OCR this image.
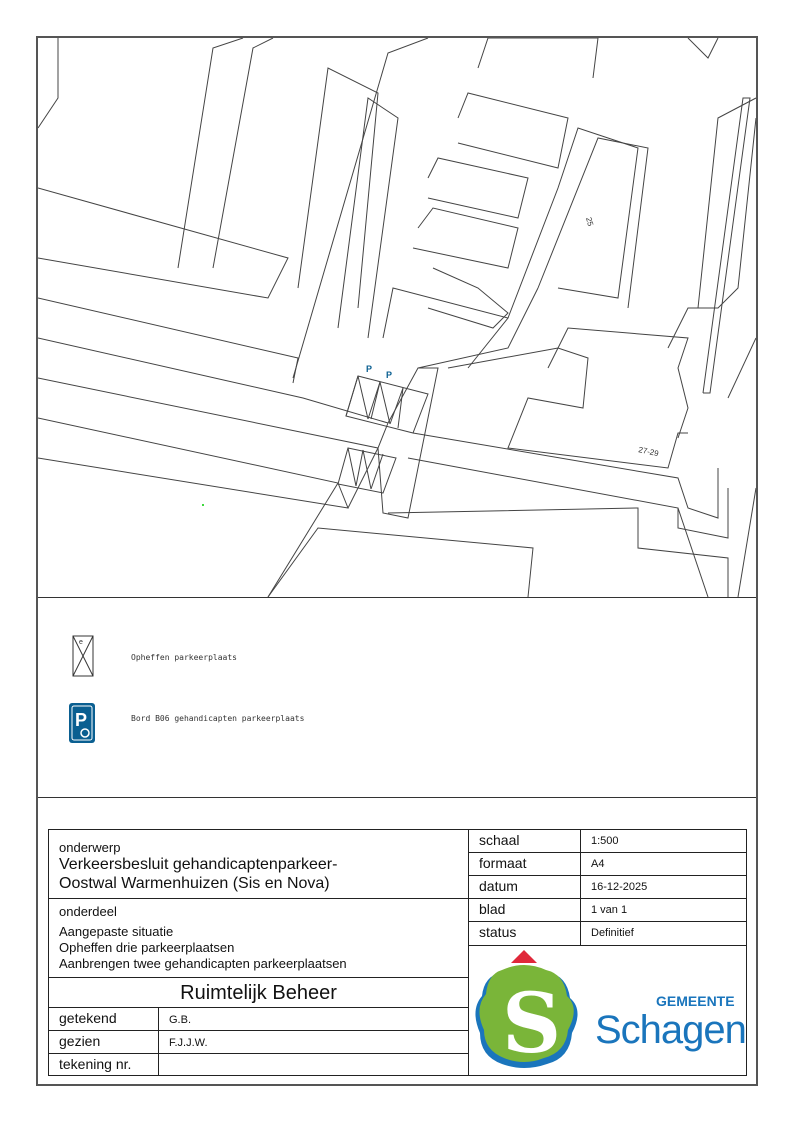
P
P
25
27-29
e
Opheffen parkeerplaats
P	Bord B06 gehandicapten parkeerplaats
onderwerp
Verkeersbesluit gehandicaptenparkeer-
Oostwal Warmenhuizen (Sis en Nova)
onderdeel
Aangepaste situatie
Opheffen drie parkeerplaatsen
Aanbrengen twee gehandicapten parkeerplaatsen
Ruimtelijk Beheer
getekend	G.B.
gezien	F.J.J.W.
tekening nr.
schaal	1:500
formaat	A4
datum	16-12-2025
blad	1 van 1
status	Definitief
S	GEMEENTE
Schagen
